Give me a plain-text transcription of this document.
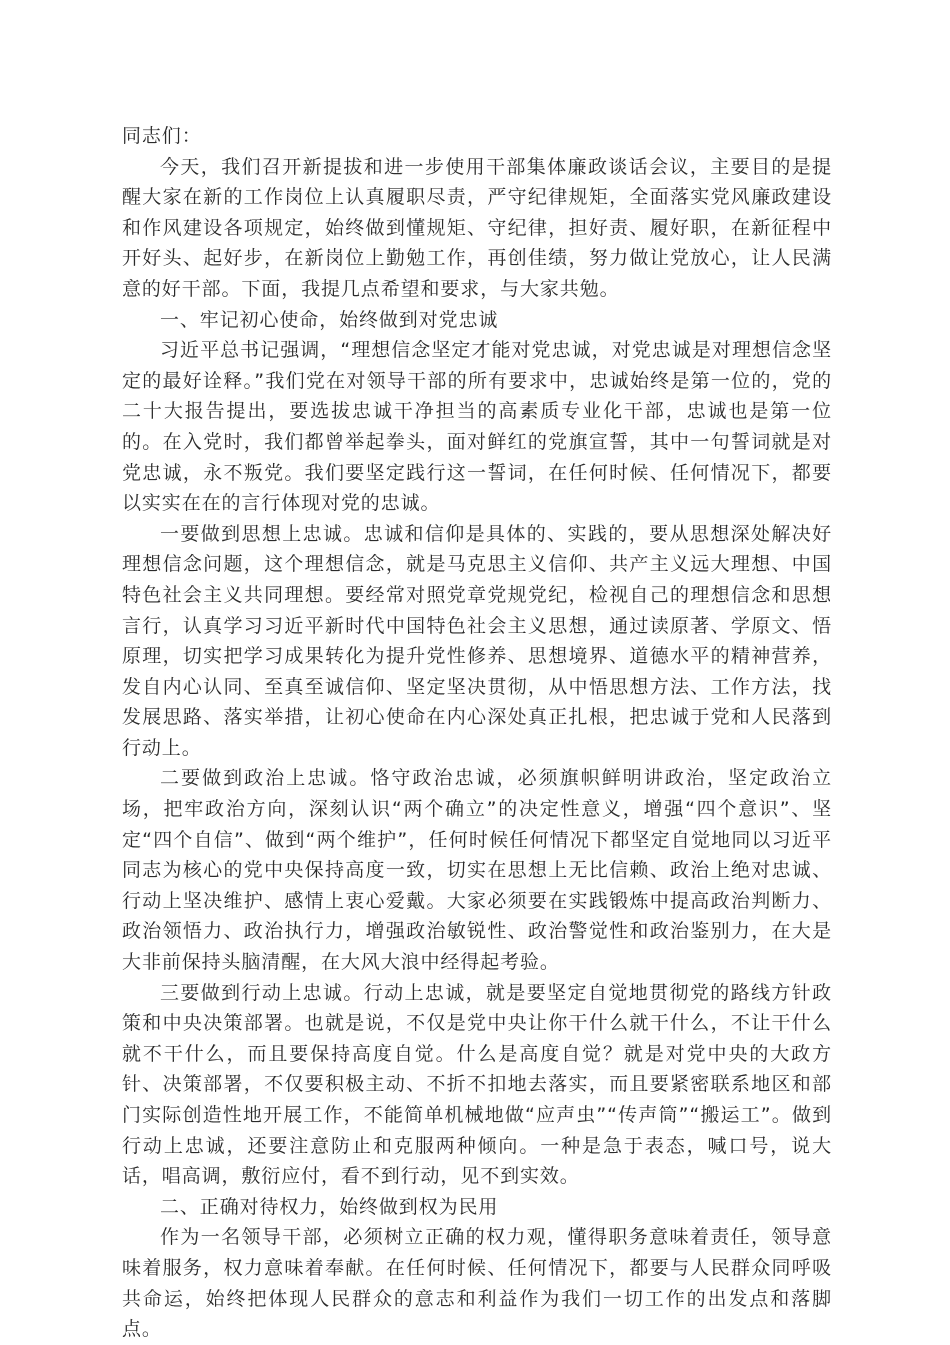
同志们：

今天，我们召开新提拔和进一步使用干部集体廉政谈话会议，主要目的是提醒大家在新的工作岗位上认真履职尽责，严守纪律规矩，全面落实党风廉政建设和作风建设各项规定，始终做到懂规矩、守纪律，担好责、履好职，在新征程中开好头、起好步，在新岗位上勤勉工作，再创佳绩，努力做让党放心，让人民满意的好干部。下面，我提几点希望和要求，与大家共勉。

一、牢记初心使命，始终做到对党忠诚

习近平总书记强调，“理想信念坚定才能对党忠诚，对党忠诚是对理想信念坚定的最好诠释。”我们党在对领导干部的所有要求中，忠诚始终是第一位的，党的二十大报告提出，要选拔忠诚干净担当的高素质专业化干部，忠诚也是第一位的。在入党时，我们都曾举起拳头，面对鲜红的党旗宣誓，其中一句誓词就是对党忠诚，永不叛党。我们要坚定践行这一誓词，在任何时候、任何情况下，都要以实实在在的言行体现对党的忠诚。

一要做到思想上忠诚。忠诚和信仰是具体的、实践的，要从思想深处解决好理想信念问题，这个理想信念，就是马克思主义信仰、共产主义远大理想、中国特色社会主义共同理想。要经常对照党章党规党纪，检视自己的理想信念和思想言行，认真学习习近平新时代中国特色社会主义思想，通过读原著、学原文、悟原理，切实把学习成果转化为提升党性修养、思想境界、道德水平的精神营养，发自内心认同、至真至诚信仰、坚定坚决贯彻，从中悟思想方法、工作方法，找发展思路、落实举措，让初心使命在内心深处真正扎根，把忠诚于党和人民落到行动上。

二要做到政治上忠诚。恪守政治忠诚，必须旗帜鲜明讲政治，坚定政治立场，把牢政治方向，深刻认识“两个确立”的决定性意义，增强“四个意识”、坚定“四个自信”、做到“两个维护”，任何时候任何情况下都坚定自觉地同以习近平同志为核心的党中央保持高度一致，切实在思想上无比信赖、政治上绝对忠诚、行动上坚决维护、感情上衷心爱戴。大家必须要在实践锻炼中提高政治判断力、政治领悟力、政治执行力，增强政治敏锐性、政治警觉性和政治鉴别力，在大是大非前保持头脑清醒，在大风大浪中经得起考验。

三要做到行动上忠诚。行动上忠诚，就是要坚定自觉地贯彻党的路线方针政策和中央决策部署。也就是说，不仅是党中央让你干什么就干什么，不让干什么就不干什么，而且要保持高度自觉。什么是高度自觉？就是对党中央的大政方针、决策部署，不仅要积极主动、不折不扣地去落实，而且要紧密联系地区和部门实际创造性地开展工作，不能简单机械地做“应声虫”“传声筒”“搬运工”。做到行动上忠诚，还要注意防止和克服两种倾向。一种是急于表态，喊口号，说大话，唱高调，敷衍应付，看不到行动，见不到实效。

二、正确对待权力，始终做到权为民用

作为一名领导干部，必须树立正确的权力观，懂得职务意味着责任，领导意味着服务，权力意味着奉献。在任何时候、任何情况下，都要与人民群众同呼吸共命运，始终把体现人民群众的意志和利益作为我们一切工作的出发点和落脚点。
